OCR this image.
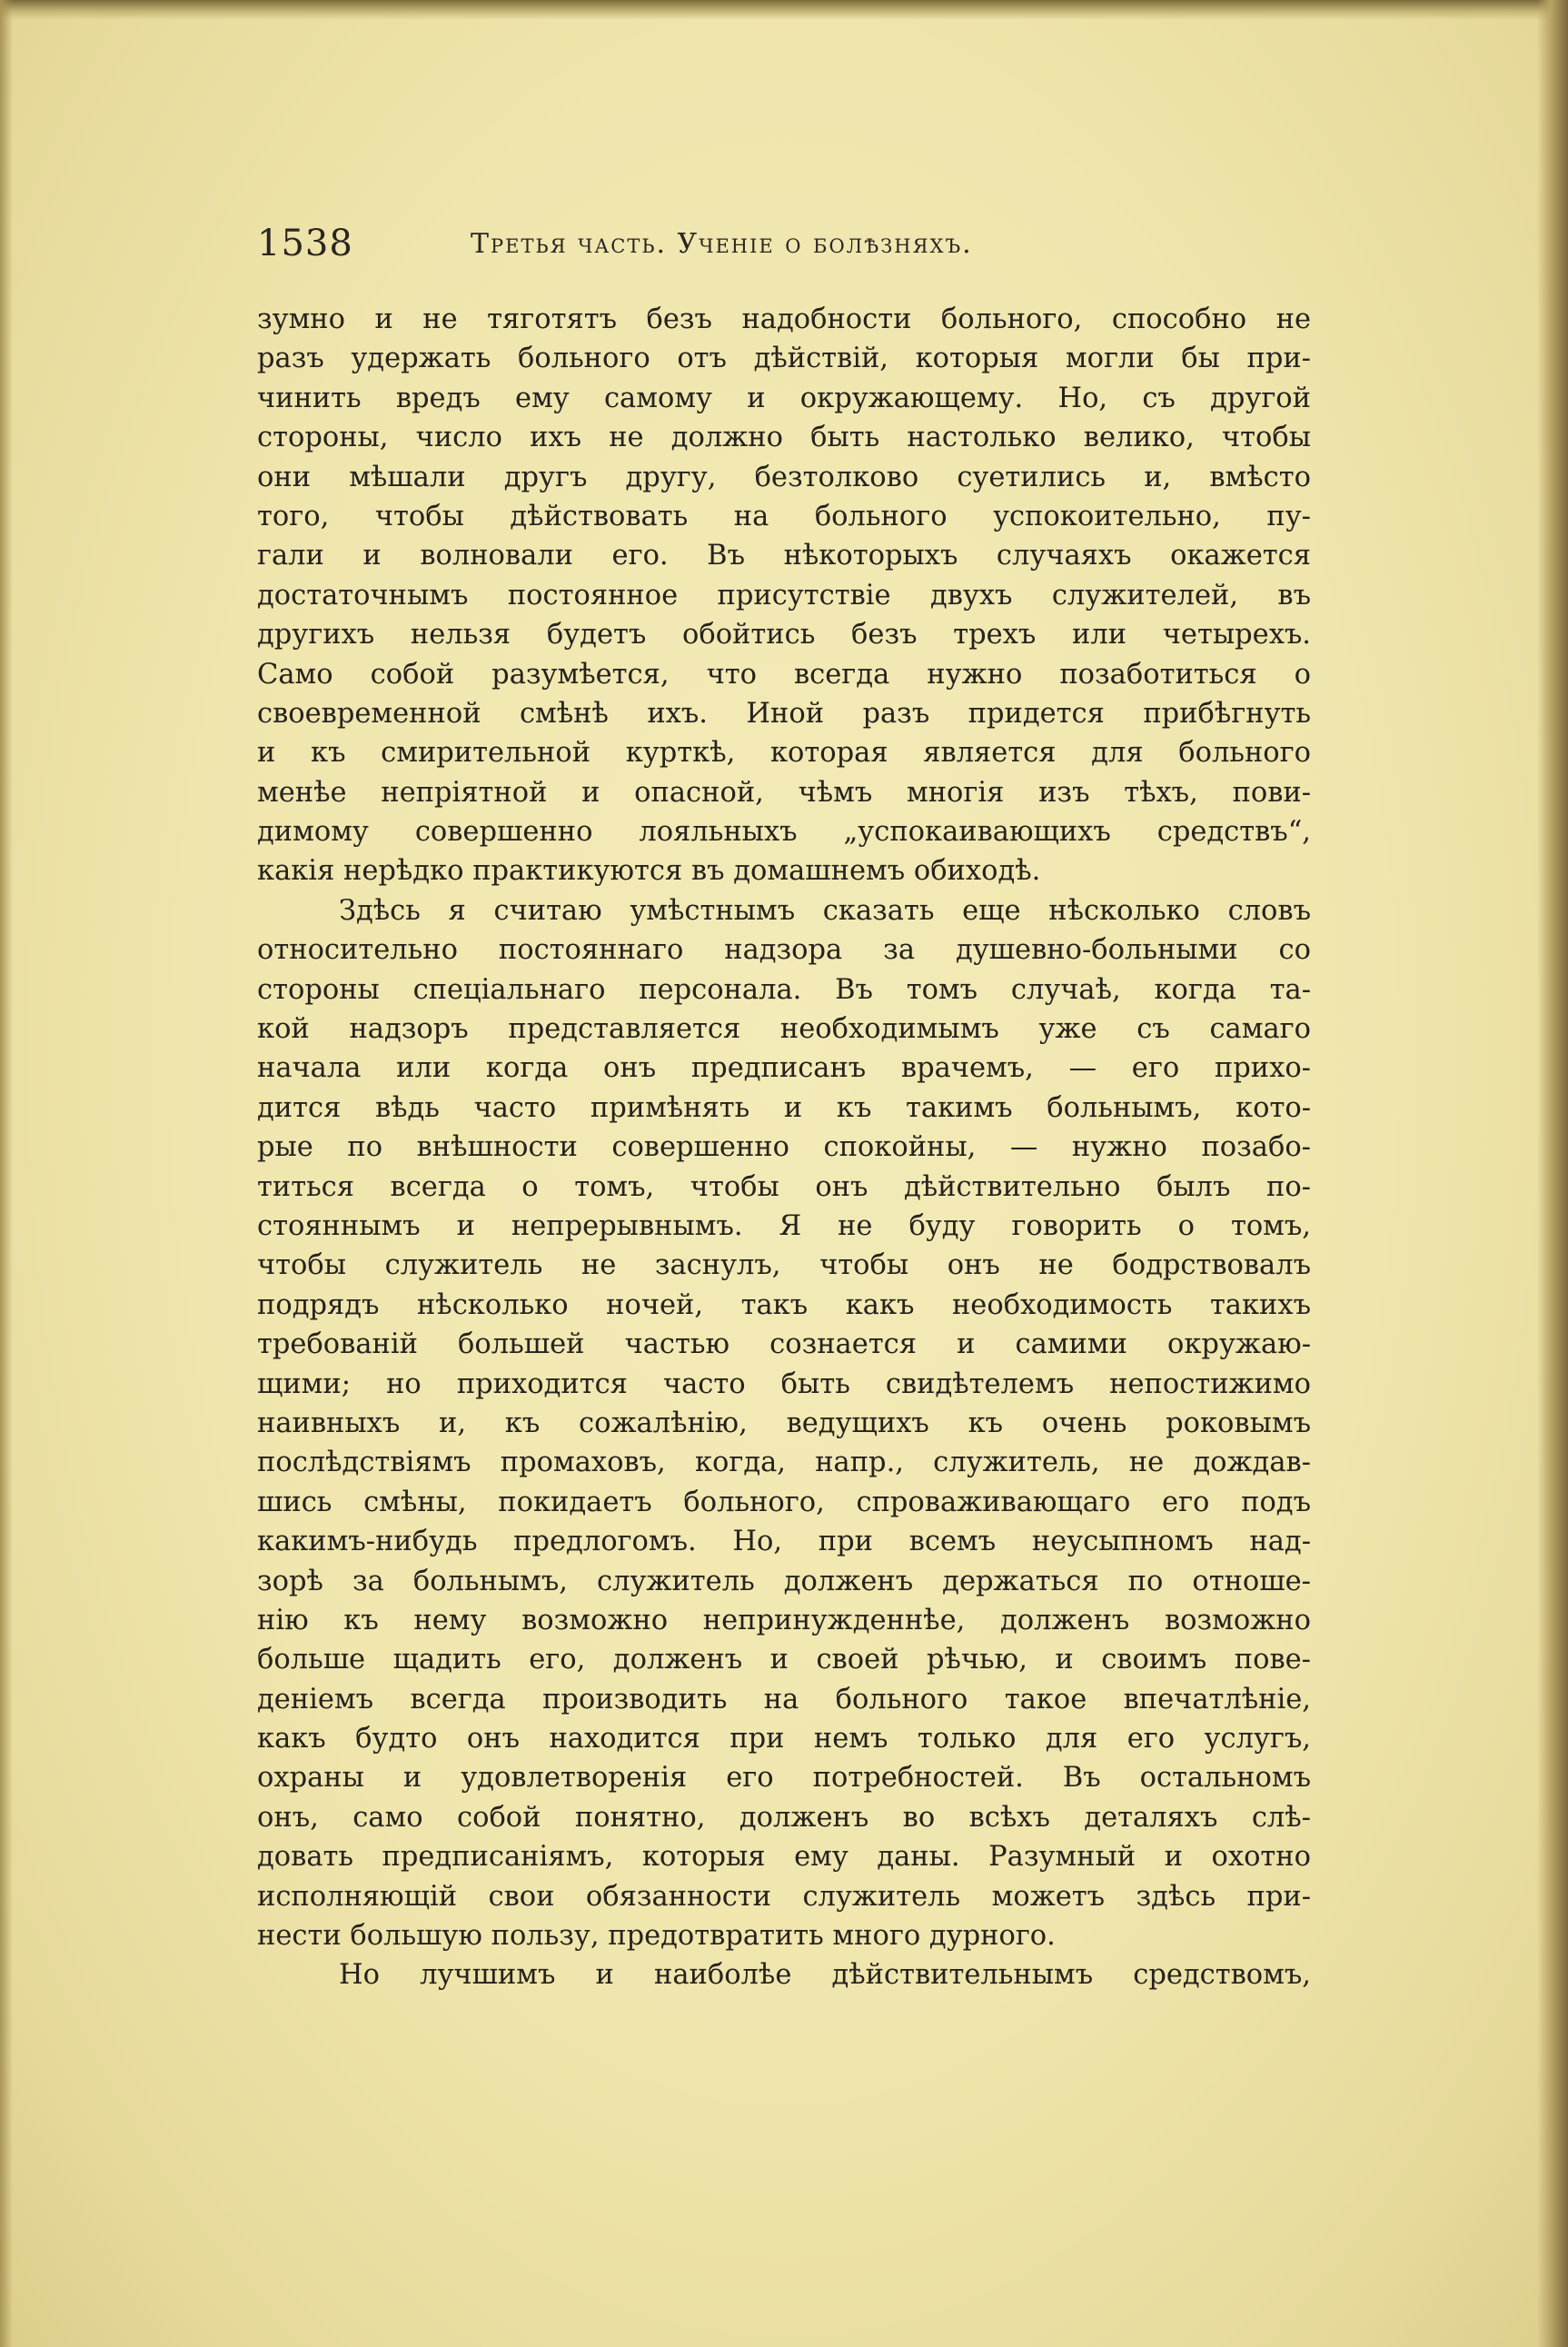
1538	Третья часть. Ученіе о болѣзняхъ.
зумно и не тяготятъ безъ надобности больного, способно не
разъ удержать больного отъ дѣйствій, которыя могли бы при-
чинить вредъ ему самому и окружающему. Но, съ другой
стороны, число ихъ не должно быть настолько велико, чтобы
они мѣшали другъ другу, безтолково суетились и, вмѣсто
того, чтобы дѣйствовать на больного успокоительно, пу-
гали и волновали его. Въ нѣкоторыхъ случаяхъ окажется
достаточнымъ постоянное присутствіе двухъ служителей, въ
другихъ нельзя будетъ обойтись безъ трехъ или четырехъ.
Само собой разумѣется, что всегда нужно позаботиться о
своевременной смѣнѣ ихъ. Иной разъ придется прибѣгнуть
и къ смирительной курткѣ, которая является для больного
менѣе непріятной и опасной, чѣмъ многія изъ тѣхъ, пови-
димому совершенно лояльныхъ „успокаивающихъ средствъ“,
какія нерѣдко практикуются въ домашнемъ обиходѣ.
Здѣсь я считаю умѣстнымъ сказать еще нѣсколько словъ
относительно постояннаго надзора за душевно-больными со
стороны спеціальнаго персонала. Въ томъ случаѣ, когда та-
кой надзоръ представляется необходимымъ уже съ самаго
начала или когда онъ предписанъ врачемъ, — его прихо-
дится вѣдь часто примѣнять и къ такимъ больнымъ, кото-
рые по внѣшности совершенно спокойны, — нужно позабо-
титься всегда о томъ, чтобы онъ дѣйствительно былъ по-
стояннымъ и непрерывнымъ. Я не буду говорить о томъ,
чтобы служитель не заснулъ, чтобы онъ не бодрствовалъ
подрядъ нѣсколько ночей, такъ какъ необходимость такихъ
требованій большей частью сознается и самими окружаю-
щими; но приходится часто быть свидѣтелемъ непостижимо
наивныхъ и, къ сожалѣнію, ведущихъ къ очень роковымъ
послѣдствіямъ промаховъ, когда, напр., служитель, не дождав-
шись смѣны, покидаетъ больного, спроваживающаго его подъ
какимъ-нибудь предлогомъ. Но, при всемъ неусыпномъ над-
зорѣ за больнымъ, служитель долженъ держаться по отноше-
нію къ нему возможно непринужденнѣе, долженъ возможно
больше щадить его, долженъ и своей рѣчью, и своимъ пове-
деніемъ всегда производить на больного такое впечатлѣніе,
какъ будто онъ находится при немъ только для его услугъ,
охраны и удовлетворенія его потребностей. Въ остальномъ
онъ, само собой понятно, долженъ во всѣхъ деталяхъ слѣ-
довать предписаніямъ, которыя ему даны. Разумный и охотно
исполняющій свои обязанности служитель можетъ здѣсь при-
нести большую пользу, предотвратить много дурного.
Но лучшимъ и наиболѣе дѣйствительнымъ средствомъ,
